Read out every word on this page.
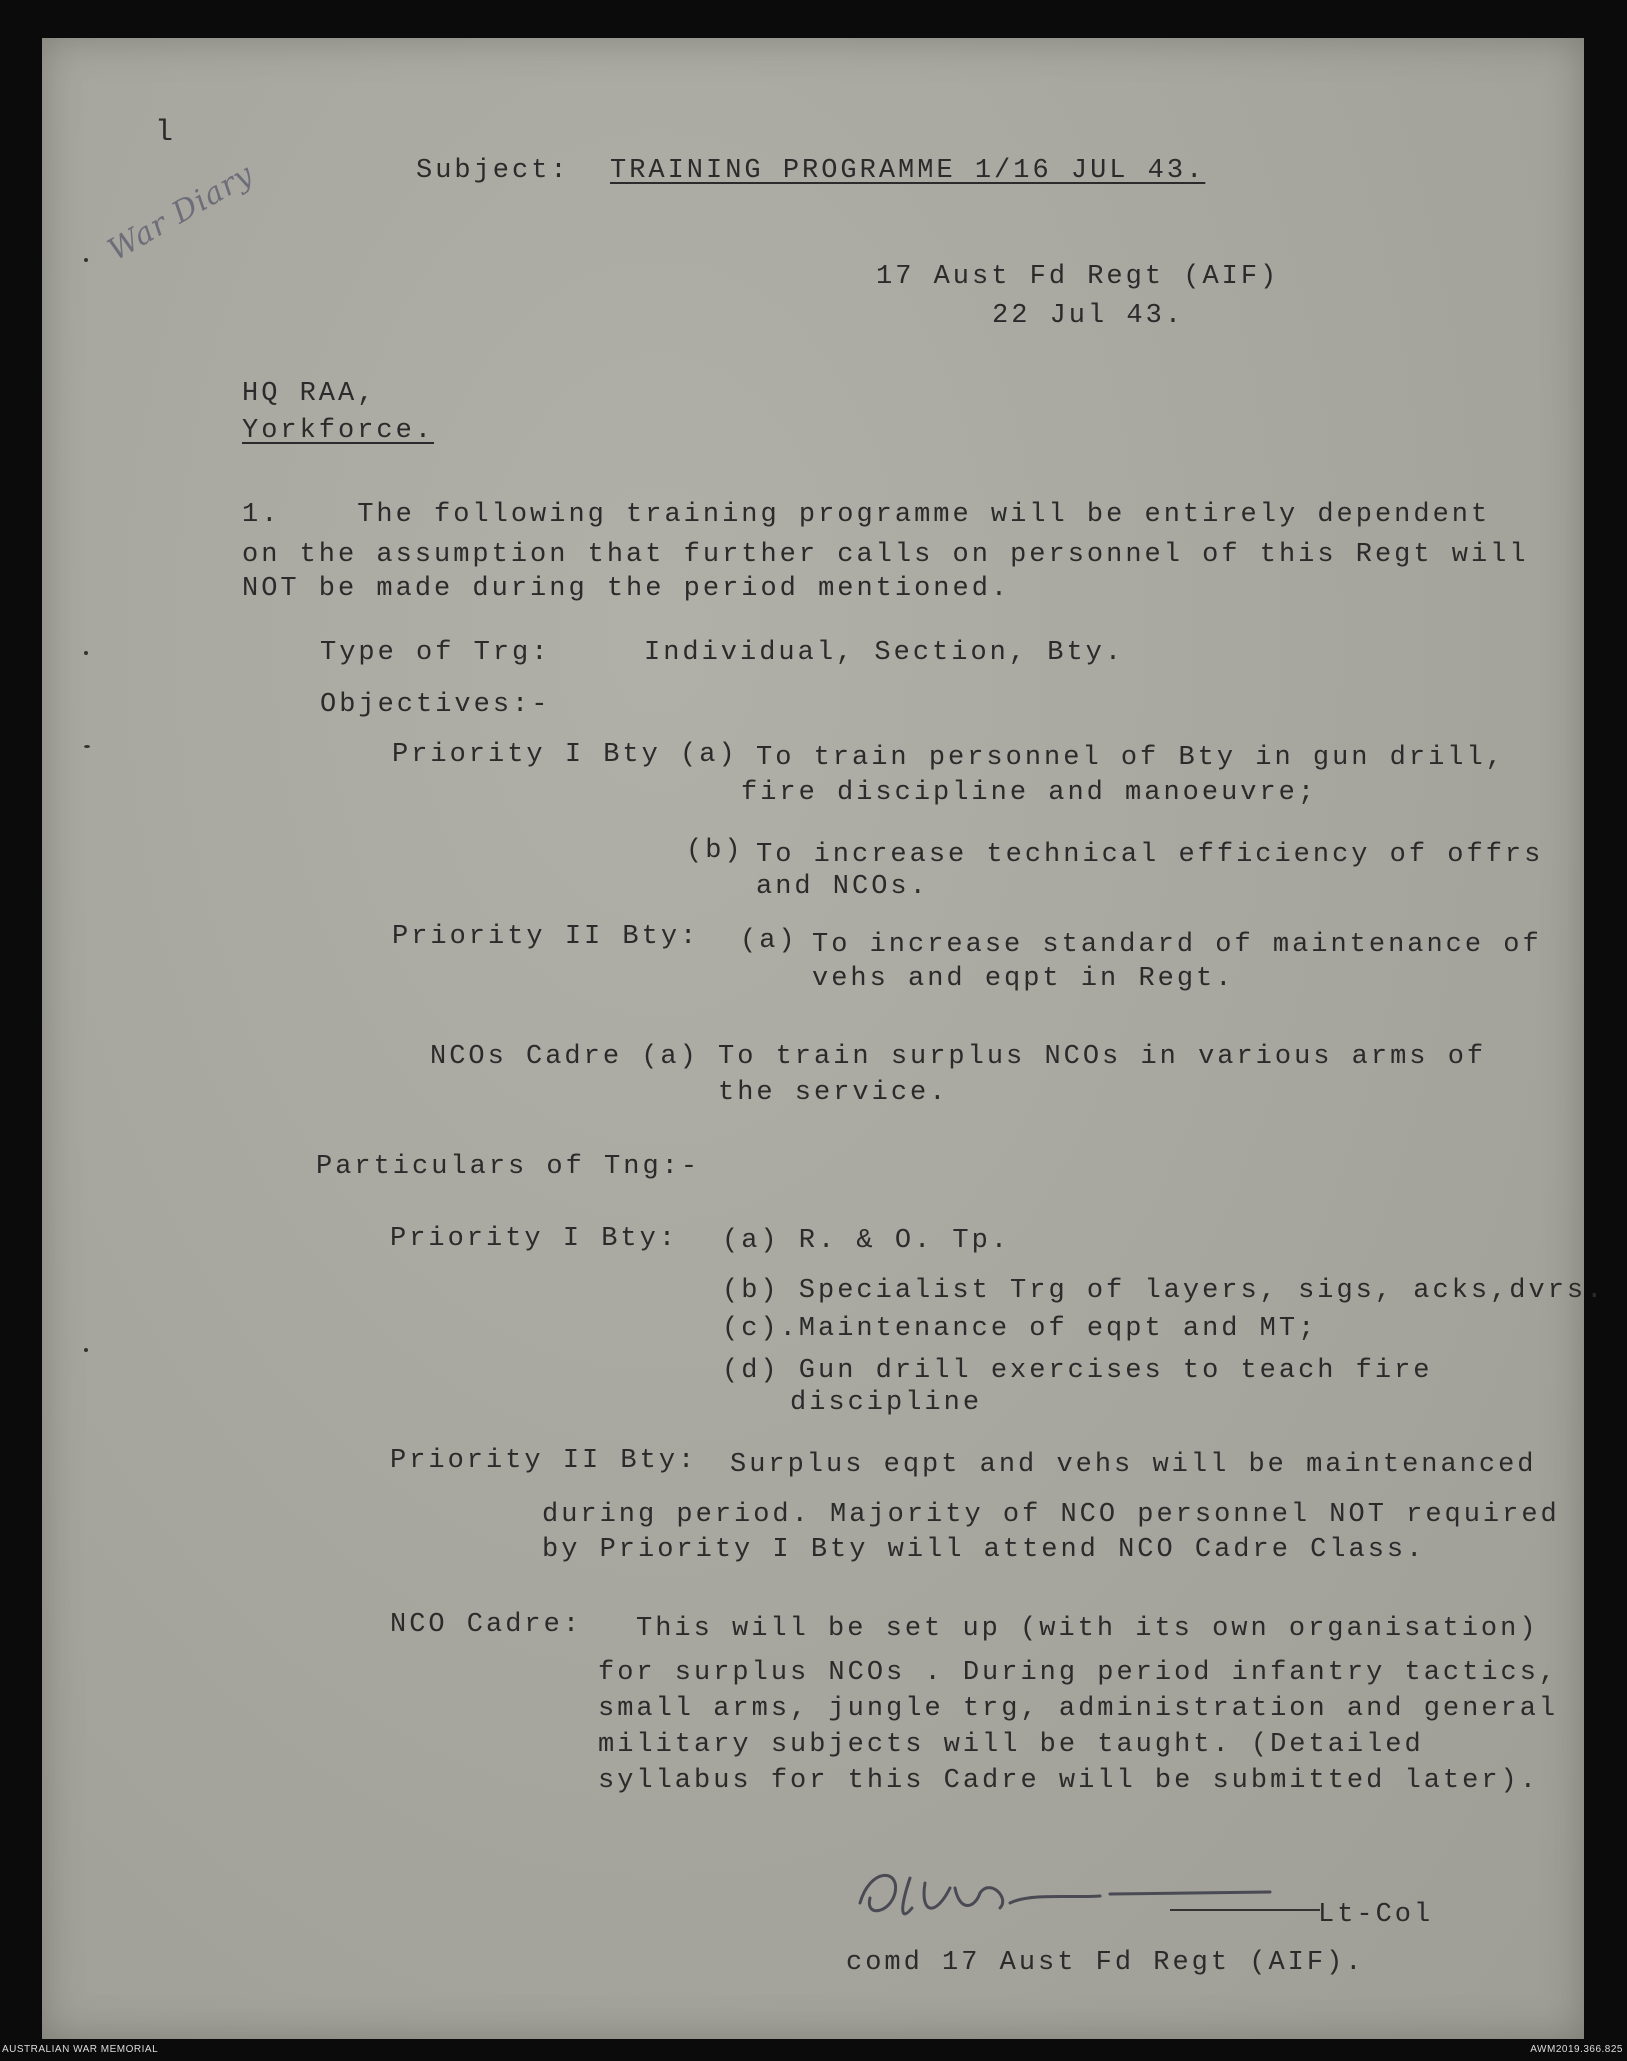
l
War Diary	Subject: TRAINING PROGRAMME 1/16 JUL 43.
17 Aust Fd Regt (AIF)
22 Jul 43.
HQ RAA,
Yorkforce.
1.    The following training programme will be entirely dependent
on the assumption that further calls on personnel of this Regt will
NOT be made during the period mentioned.
Type of Trg:	Individual, Section, Bty.
Objectives:-
Priority I Bty (a) To train personnel of Bty in gun drill,
fire discipline and manoeuvre;
(b) To increase technical efficiency of offrs
and NCOs.
Priority II Bty: (a) To increase standard of maintenance of
vehs and eqpt in Regt.
NCOs Cadre (a) To train surplus NCOs in various arms of
the service.
Particulars of Tng:-
Priority I Bty: (a) R. & O. Tp.
(b) Specialist Trg of layers, sigs, acks,dvrs.
(c).Maintenance of eqpt and MT;
(d) Gun drill exercises to teach fire
discipline
Priority II Bty: Surplus eqpt and vehs will be maintenanced
during period. Majority of NCO personnel NOT required
by Priority I Bty will attend NCO Cadre Class.
NCO Cadre: This will be set up (with its own organisation)
for surplus NCOs . During period infantry tactics,
small arms, jungle trg, administration and general
military subjects will be taught. (Detailed
syllabus for this Cadre will be submitted later).
Lt-Col
comd 17 Aust Fd Regt (AIF).
AUSTRALIAN WAR MEMORIAL	AWM2019.366.825
